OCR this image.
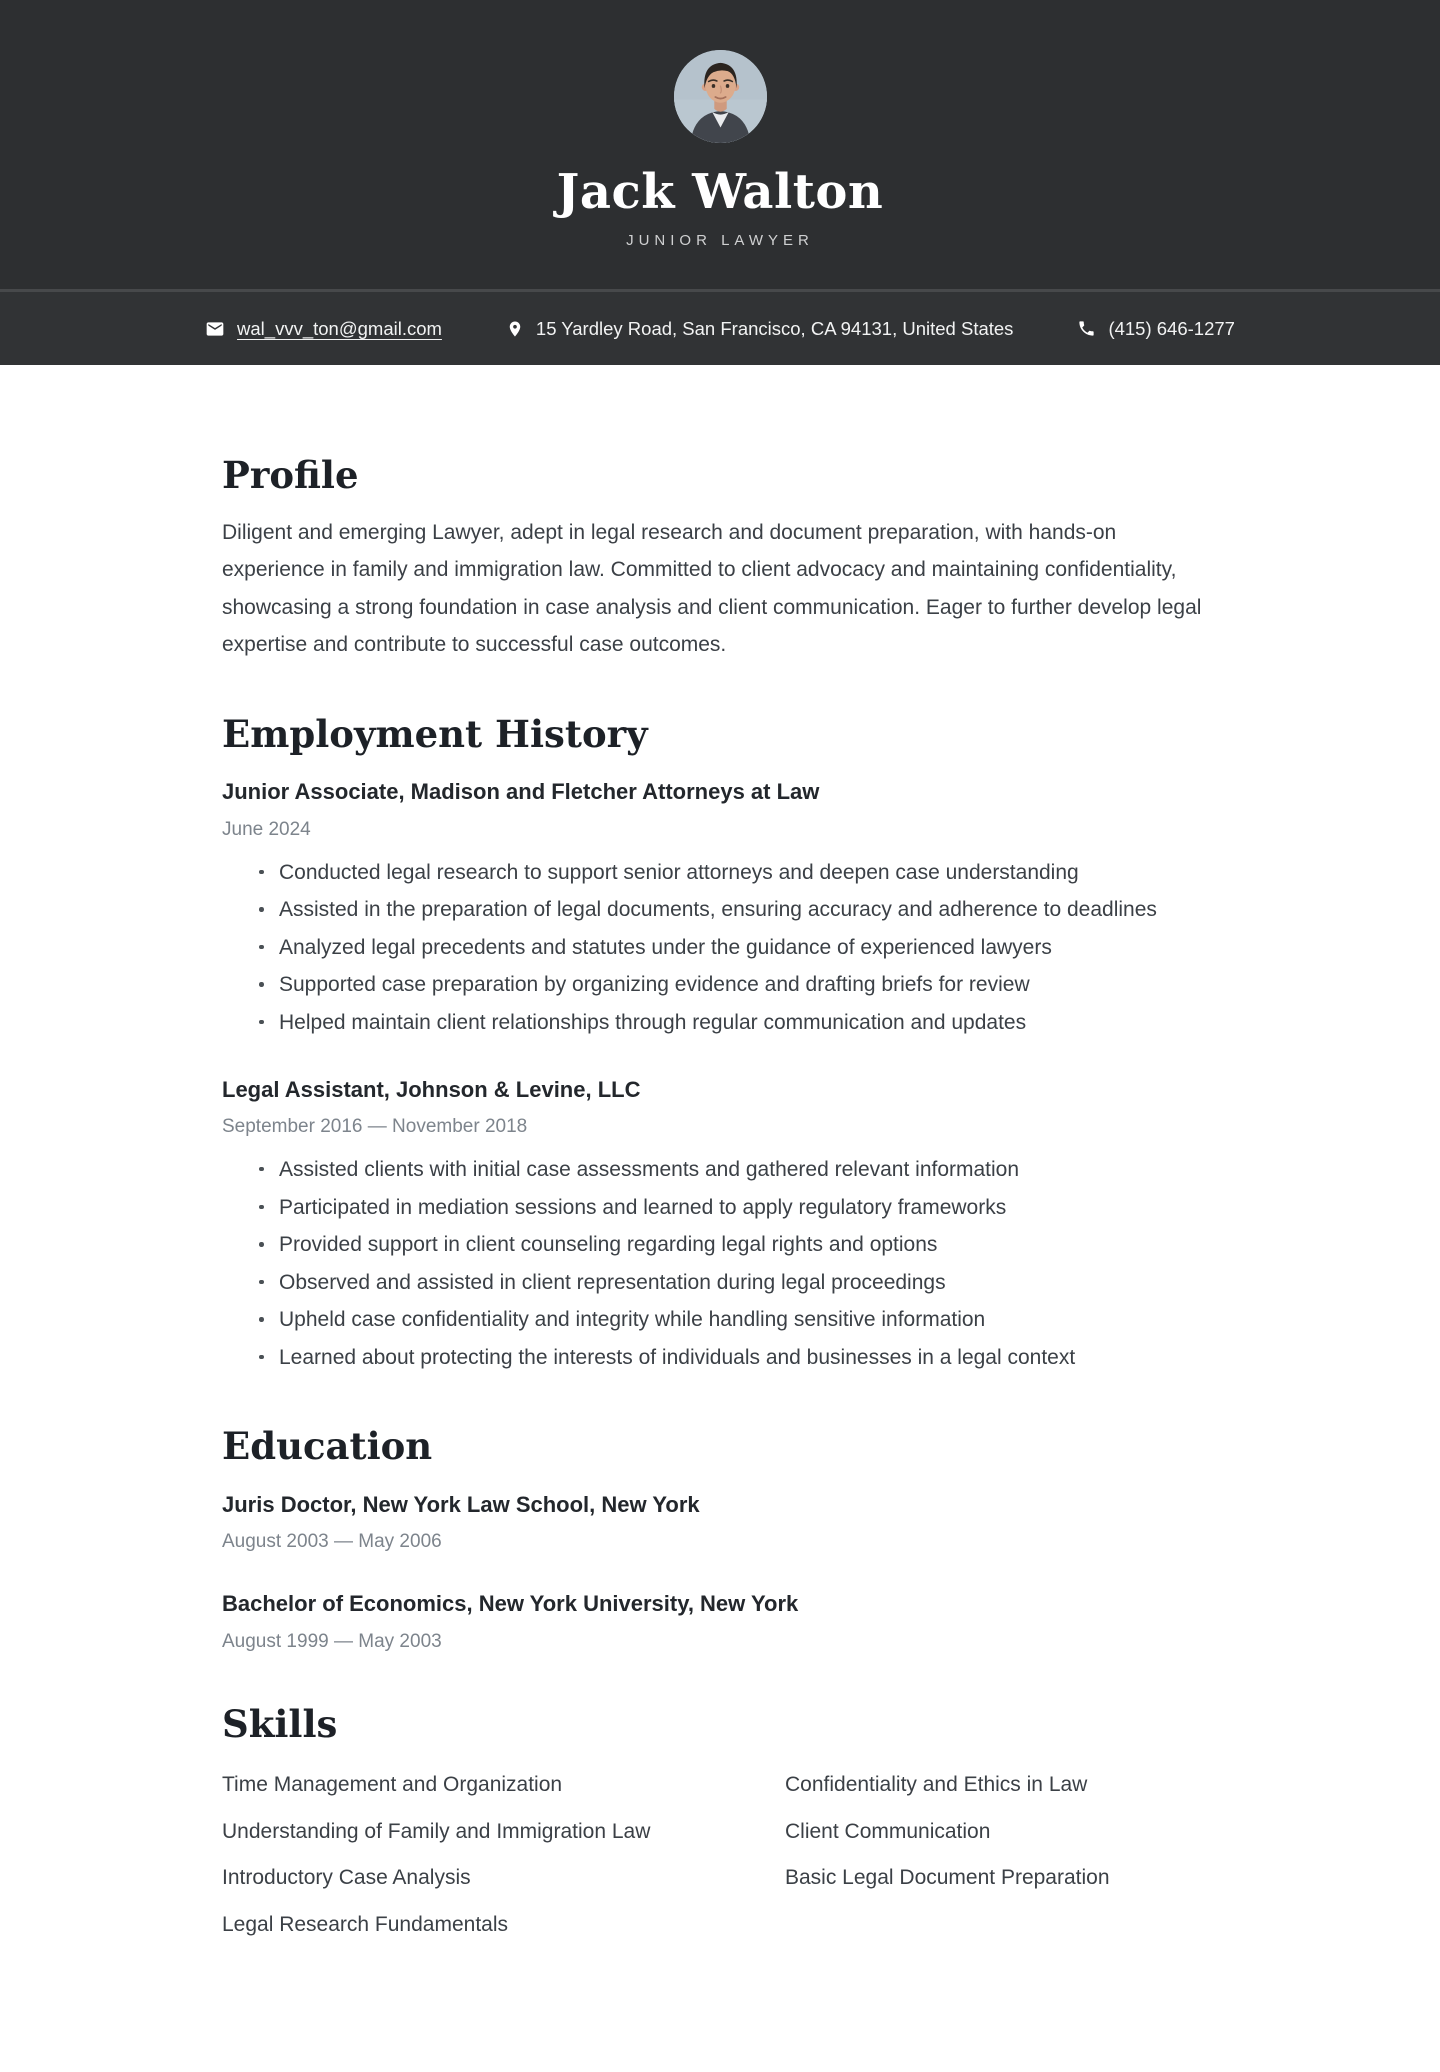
Jack Walton
JUNIOR LAWYER
wal_vvv_ton@gmail.com	15 Yardley Road, San Francisco, CA 94131, United States	(415) 646-1277
Profile

Diligent and emerging Lawyer, adept in legal research and document preparation, with hands-on experience in family and immigration law. Committed to client advocacy and maintaining confidentiality, showcasing a strong foundation in case analysis and client communication. Eager to further develop legal expertise and contribute to successful case outcomes.

Employment History
Junior Associate, Madison and Fletcher Attorneys at Law
June 2024
Conducted legal research to support senior attorneys and deepen case understanding
Assisted in the preparation of legal documents, ensuring accuracy and adherence to deadlines
Analyzed legal precedents and statutes under the guidance of experienced lawyers
Supported case preparation by organizing evidence and drafting briefs for review
Helped maintain client relationships through regular communication and updates
Legal Assistant, Johnson & Levine, LLC
September 2016 — November 2018
Assisted clients with initial case assessments and gathered relevant information
Participated in mediation sessions and learned to apply regulatory frameworks
Provided support in client counseling regarding legal rights and options
Observed and assisted in client representation during legal proceedings
Upheld case confidentiality and integrity while handling sensitive information
Learned about protecting the interests of individuals and businesses in a legal context
Education
Juris Doctor, New York Law School, New York
August 2003 — May 2006
Bachelor of Economics, New York University, New York
August 1999 — May 2003
Skills
Time Management and Organization
Understanding of Family and Immigration Law
Introductory Case Analysis
Legal Research Fundamentals
Confidentiality and Ethics in Law
Client Communication
Basic Legal Document Preparation
